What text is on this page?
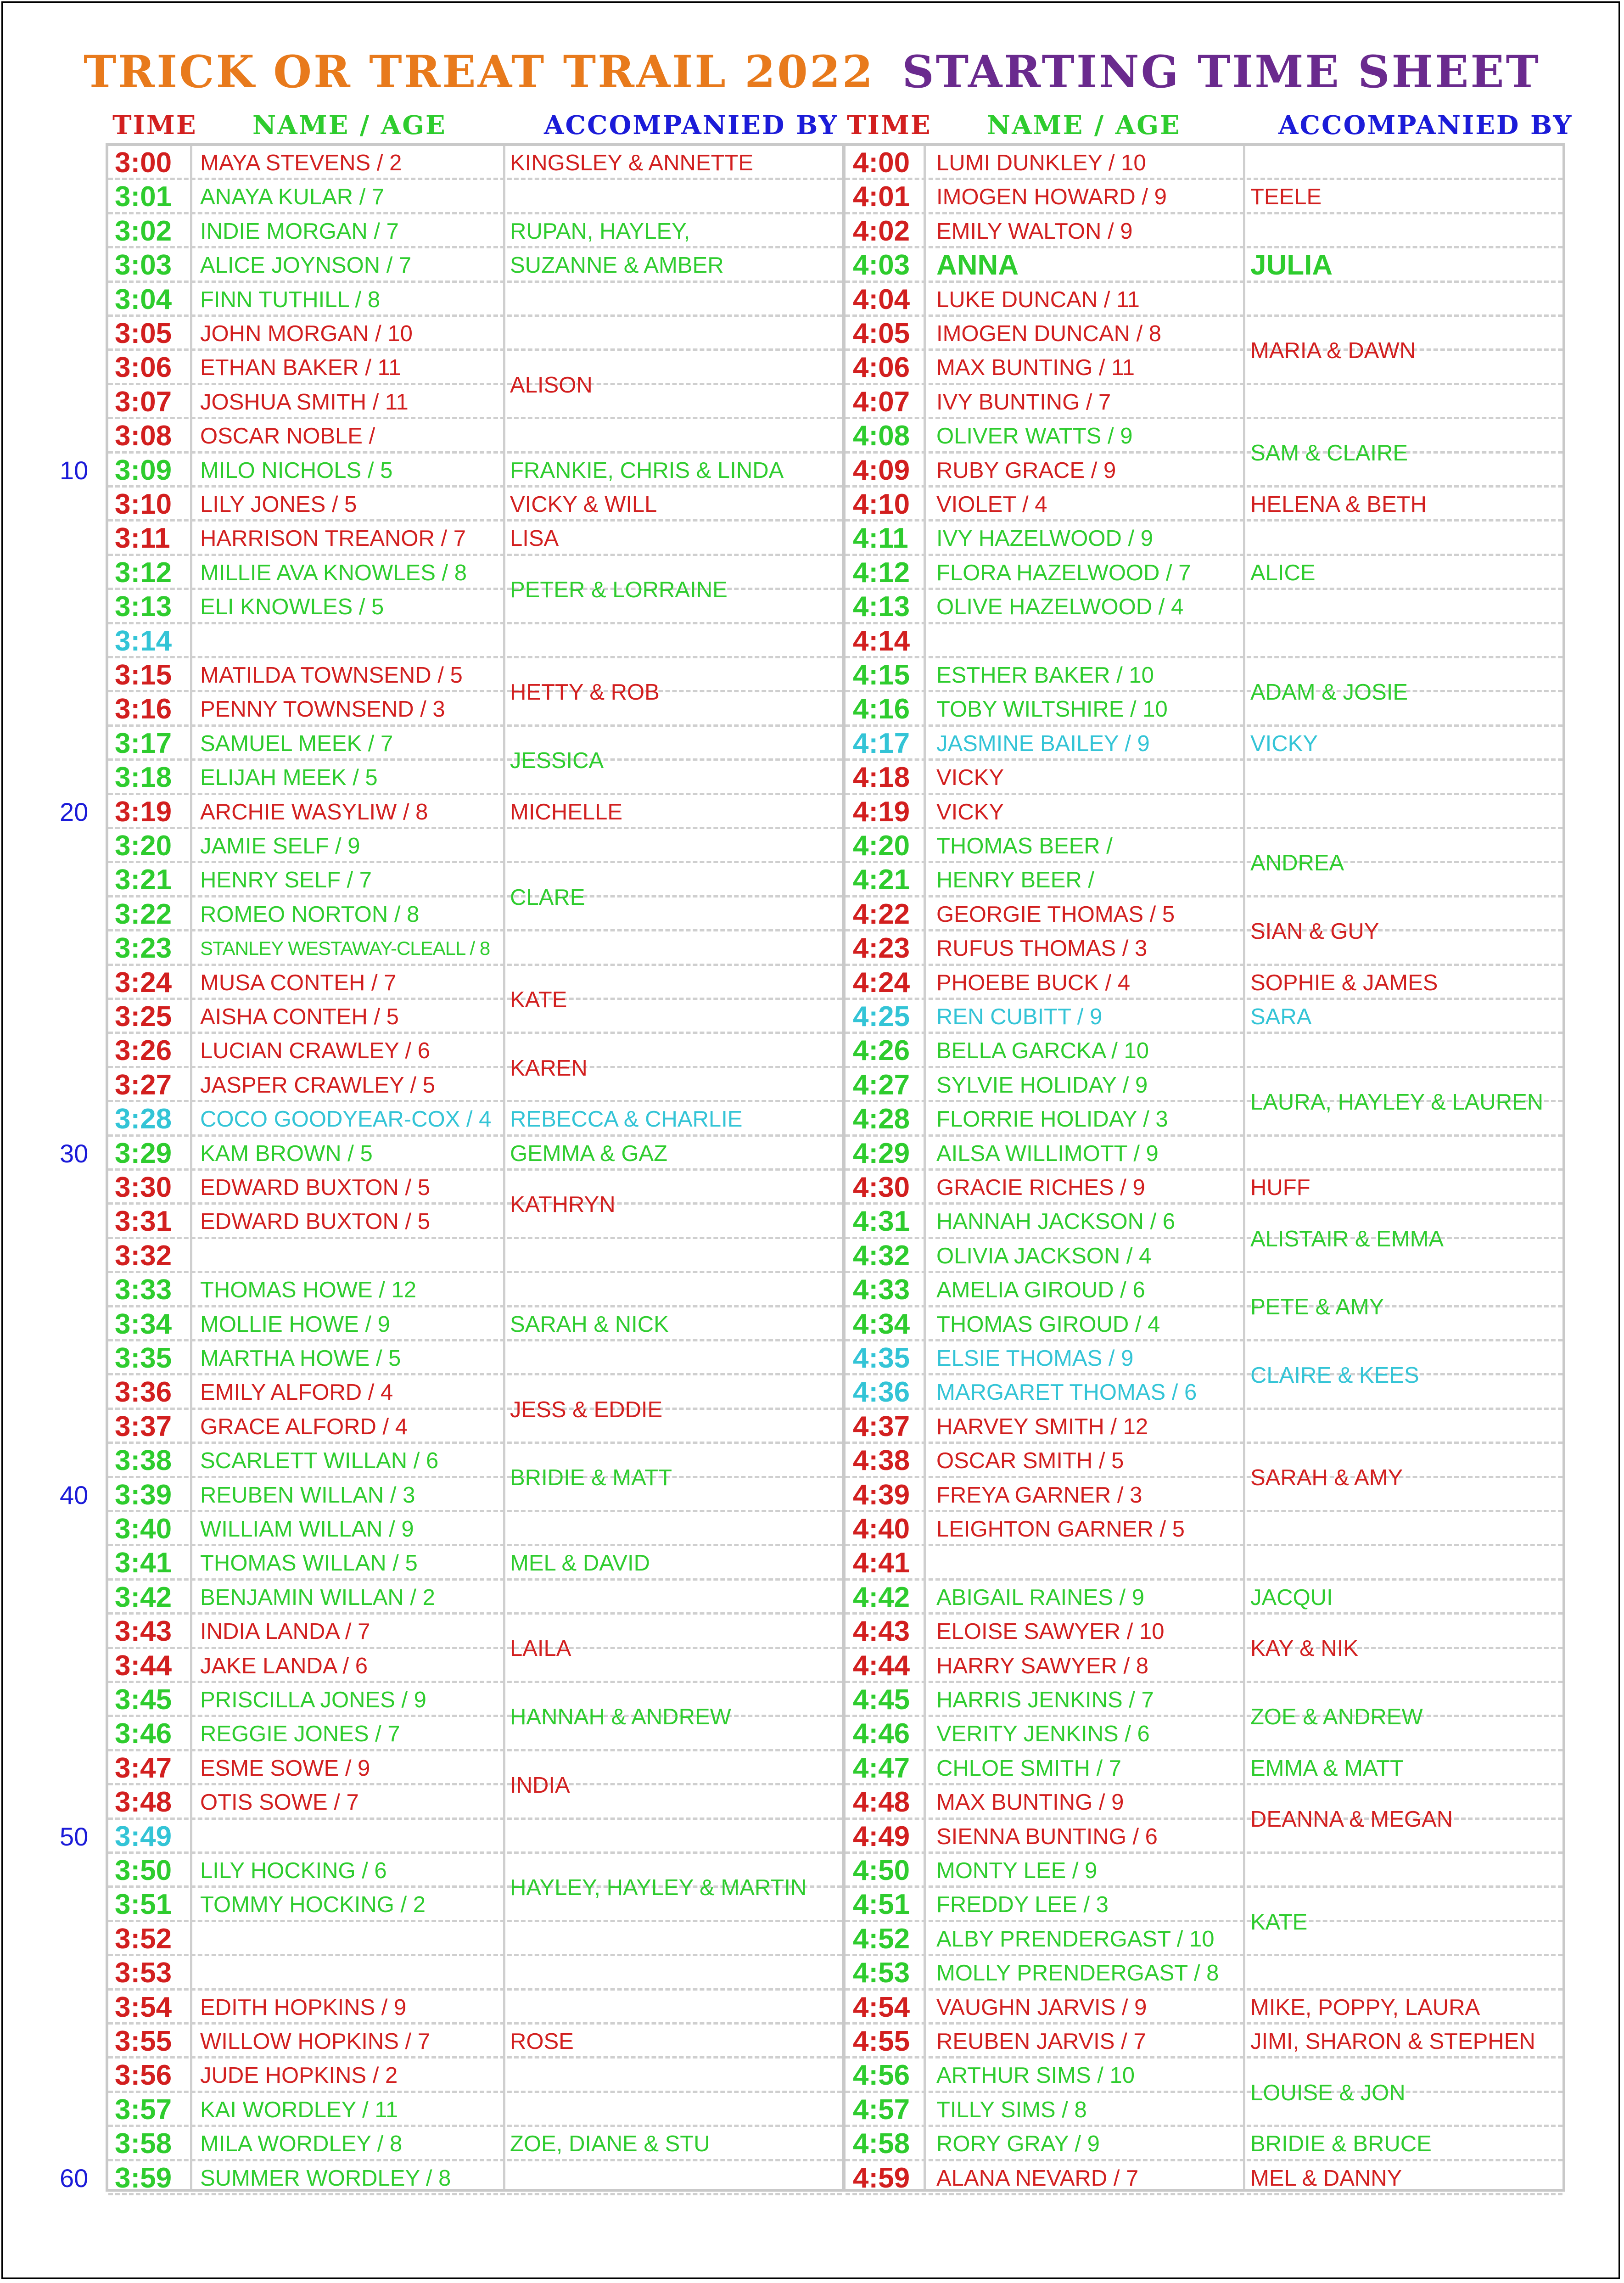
TRICK OR TREAT TRAIL 2022 STARTING TIME SHEET
TIME NAME / AGE	ACCOMPANIED BY TIME NAME / AGE	ACCOMPANIED BY
3:00 MAYA STEVENS / 2
3:01 ANAYA KULAR / 7
3:02 INDIE MORGAN / 7
3:03 ALICE JOYNSON / 7
3:04 FINN TUTHILL / 8
3:05 JOHN MORGAN / 10
3:06 ETHAN BAKER / 11
3:07 JOSHUA SMITH / 11
3:08 OSCAR NOBLE /
3:09 MILO NICHOLS / 5
3:10 LILY JONES / 5
3:11 HARRISON TREANOR / 7
3:12 MILLIE AVA KNOWLES / 8
3:13 ELI KNOWLES / 5
3:14
3:15 MATILDA TOWNSEND / 5
3:16 PENNY TOWNSEND / 3
3:17 SAMUEL MEEK / 7
3:18 ELIJAH MEEK / 5
3:19 ARCHIE WASYLIW / 8
3:20 JAMIE SELF / 9
3:21 HENRY SELF / 7
3:22 ROMEO NORTON / 8
3:23 STANLEY WESTAWAY-CLEALL / 8
3:24 MUSA CONTEH / 7
3:25 AISHA CONTEH / 5
3:26 LUCIAN CRAWLEY / 6
3:27 JASPER CRAWLEY / 5
3:28 COCO GOODYEAR-COX / 4
3:29 KAM BROWN / 5
3:30 EDWARD BUXTON / 5
3:31 EDWARD BUXTON / 5
3:32
3:33 THOMAS HOWE / 12
3:34 MOLLIE HOWE / 9
3:35 MARTHA HOWE / 5
3:36 EMILY ALFORD / 4
3:37 GRACE ALFORD / 4
3:38 SCARLETT WILLAN / 6
3:39 REUBEN WILLAN / 3
3:40 WILLIAM WILLAN / 9
3:41 THOMAS WILLAN / 5
3:42 BENJAMIN WILLAN / 2
3:43 INDIA LANDA / 7
3:44 JAKE LANDA / 6
3:45 PRISCILLA JONES / 9
3:46 REGGIE JONES / 7
3:47 ESME SOWE / 9
3:48 OTIS SOWE / 7
3:49
3:50 LILY HOCKING / 6
3:51 TOMMY HOCKING / 2
3:52
3:53
3:54 EDITH HOPKINS / 9
3:55 WILLOW HOPKINS / 7
3:56 JUDE HOPKINS / 2
3:57 KAI WORDLEY / 11
3:58 MILA WORDLEY / 8
3:59 SUMMER WORDLEY / 8
KINGSLEY & ANNETTE
RUPAN, HAYLEY,
SUZANNE & AMBER
ALISON
FRANKIE, CHRIS & LINDA
VICKY & WILL
LISA
PETER & LORRAINE
HETTY & ROB
JESSICA
MICHELLE
CLARE
KATE
KAREN
REBECCA & CHARLIE
GEMMA & GAZ
KATHRYN
SARAH & NICK
JESS & EDDIE
BRIDIE & MATT
MEL & DAVID
LAILA
HANNAH & ANDREW
INDIA
HAYLEY, HAYLEY & MARTIN
ROSE
ZOE, DIANE & STU
4:00 LUMI DUNKLEY / 10
4:01 IMOGEN HOWARD / 9
4:02 EMILY WALTON / 9
4:03 ANNA
4:04 LUKE DUNCAN / 11
4:05 IMOGEN DUNCAN / 8
4:06 MAX BUNTING / 11
4:07 IVY BUNTING / 7
4:08 OLIVER WATTS / 9
4:09 RUBY GRACE / 9
4:10 VIOLET / 4
4:11 IVY HAZELWOOD / 9
4:12 FLORA HAZELWOOD / 7
4:13 OLIVE HAZELWOOD / 4
4:14
4:15 ESTHER BAKER / 10
4:16 TOBY WILTSHIRE / 10
4:17 JASMINE BAILEY / 9
4:18 VICKY
4:19 VICKY
4:20 THOMAS BEER /
4:21 HENRY BEER /
4:22 GEORGIE THOMAS / 5
4:23 RUFUS THOMAS / 3
4:24 PHOEBE BUCK / 4
4:25 REN CUBITT / 9
4:26 BELLA GARCKA / 10
4:27 SYLVIE HOLIDAY / 9
4:28 FLORRIE HOLIDAY / 3
4:29 AILSA WILLIMOTT / 9
4:30 GRACIE RICHES / 9
4:31 HANNAH JACKSON / 6
4:32 OLIVIA JACKSON / 4
4:33 AMELIA GIROUD / 6
4:34 THOMAS GIROUD / 4
4:35 ELSIE THOMAS / 9
4:36 MARGARET THOMAS / 6
4:37 HARVEY SMITH / 12
4:38 OSCAR SMITH / 5
4:39 FREYA GARNER / 3
4:40 LEIGHTON GARNER / 5
4:41
4:42 ABIGAIL RAINES / 9
4:43 ELOISE SAWYER / 10
4:44 HARRY SAWYER / 8
4:45 HARRIS JENKINS / 7
4:46 VERITY JENKINS / 6
4:47 CHLOE SMITH / 7
4:48 MAX BUNTING / 9
4:49 SIENNA BUNTING / 6
4:50 MONTY LEE / 9
4:51 FREDDY LEE / 3
4:52 ALBY PRENDERGAST / 10
4:53 MOLLY PRENDERGAST / 8
4:54 VAUGHN JARVIS / 9
4:55 REUBEN JARVIS / 7
4:56 ARTHUR SIMS / 10
4:57 TILLY SIMS / 8
4:58 RORY GRAY / 9
4:59 ALANA NEVARD / 7
TEELE
JULIA
MARIA & DAWN
SAM & CLAIRE
HELENA & BETH
ALICE
ADAM & JOSIE
VICKY
ANDREA
SIAN & GUY
SOPHIE & JAMES
SARA
LAURA, HAYLEY & LAUREN
HUFF
ALISTAIR & EMMA
PETE & AMY
CLAIRE & KEES
SARAH & AMY
JACQUI
KAY & NIK
ZOE & ANDREW
EMMA & MATT
DEANNA & MEGAN
KATE
MIKE, POPPY, LAURA
JIMI, SHARON & STEPHEN
LOUISE & JON
BRIDIE & BRUCE
MEL & DANNY
10
20
30
40
50
60
